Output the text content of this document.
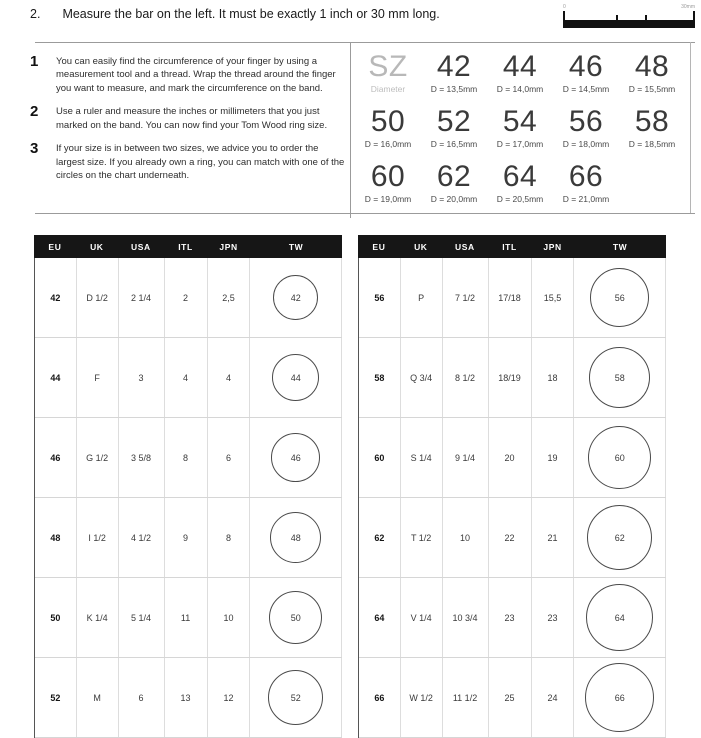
2. Measure the bar on the left. It must be exactly 1 inch or 30 mm long.	0	30mm
1	You can easily find the circumference of your finger by using a measurement tool and a thread. Wrap the thread around the finger you want to measure, and mark the circumference on the band.
2	Use a ruler and measure the inches or millimeters that you just marked on the band. You can now find your Tom Wood ring size.
3	If your size is in between two sizes, we advice you to order the largest size. If you already own a ring, you can match with one of the circles on the chart underneath.
SZ
Diameter
42
D = 13,5mm
44
D = 14,0mm
46
D = 14,5mm
48
D = 15,5mm
50
D = 16,0mm
52
D = 16,5mm
54
D = 17,0mm
56
D = 18,0mm
58
D = 18,5mm
60
D = 19,0mm
62
D = 20,0mm
64
D = 20,5mm
66
D = 21,0mm
EU	UK	USA	ITL	JPN	TW
42	D 1/2	2 1/4	2	2,5	42
44	F	3	4	4	44
46	G 1/2	3 5/8	8	6	46
48	I 1/2	4 1/2	9	8	48
50	K 1/4	5 1/4	11	10	50
52	M	6	13	12	52
EU	UK	USA	ITL	JPN	TW
56	P	7 1/2	17/18	15,5	56
58	Q 3/4	8 1/2	18/19	18	58
60	S 1/4	9 1/4	20	19	60
62	T 1/2	10	22	21	62
64	V 1/4	10 3/4	23	23	64
66	W 1/2	11 1/2	25	24	66
